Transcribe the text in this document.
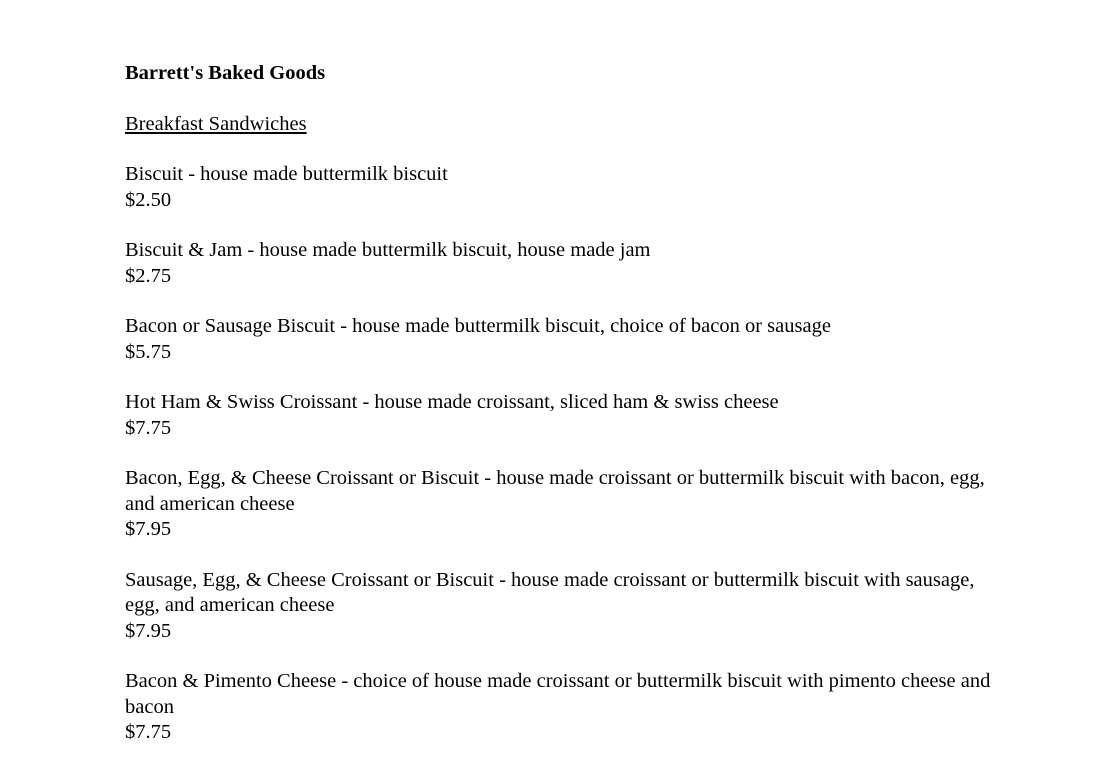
Barrett's Baked Goods
Breakfast Sandwiches
Biscuit - house made buttermilk biscuit
$2.50
Biscuit & Jam - house made buttermilk biscuit, house made jam
$2.75
Bacon or Sausage Biscuit - house made buttermilk biscuit, choice of bacon or sausage
$5.75
Hot Ham & Swiss Croissant - house made croissant, sliced ham & swiss cheese
$7.75
Bacon, Egg, & Cheese Croissant or Biscuit - house made croissant or buttermilk biscuit with bacon, egg, and american cheese
$7.95
Sausage, Egg, & Cheese Croissant or Biscuit - house made croissant or buttermilk biscuit with sausage, egg, and american cheese
$7.95
Bacon & Pimento Cheese - choice of house made croissant or buttermilk biscuit with pimento cheese and bacon
$7.75
